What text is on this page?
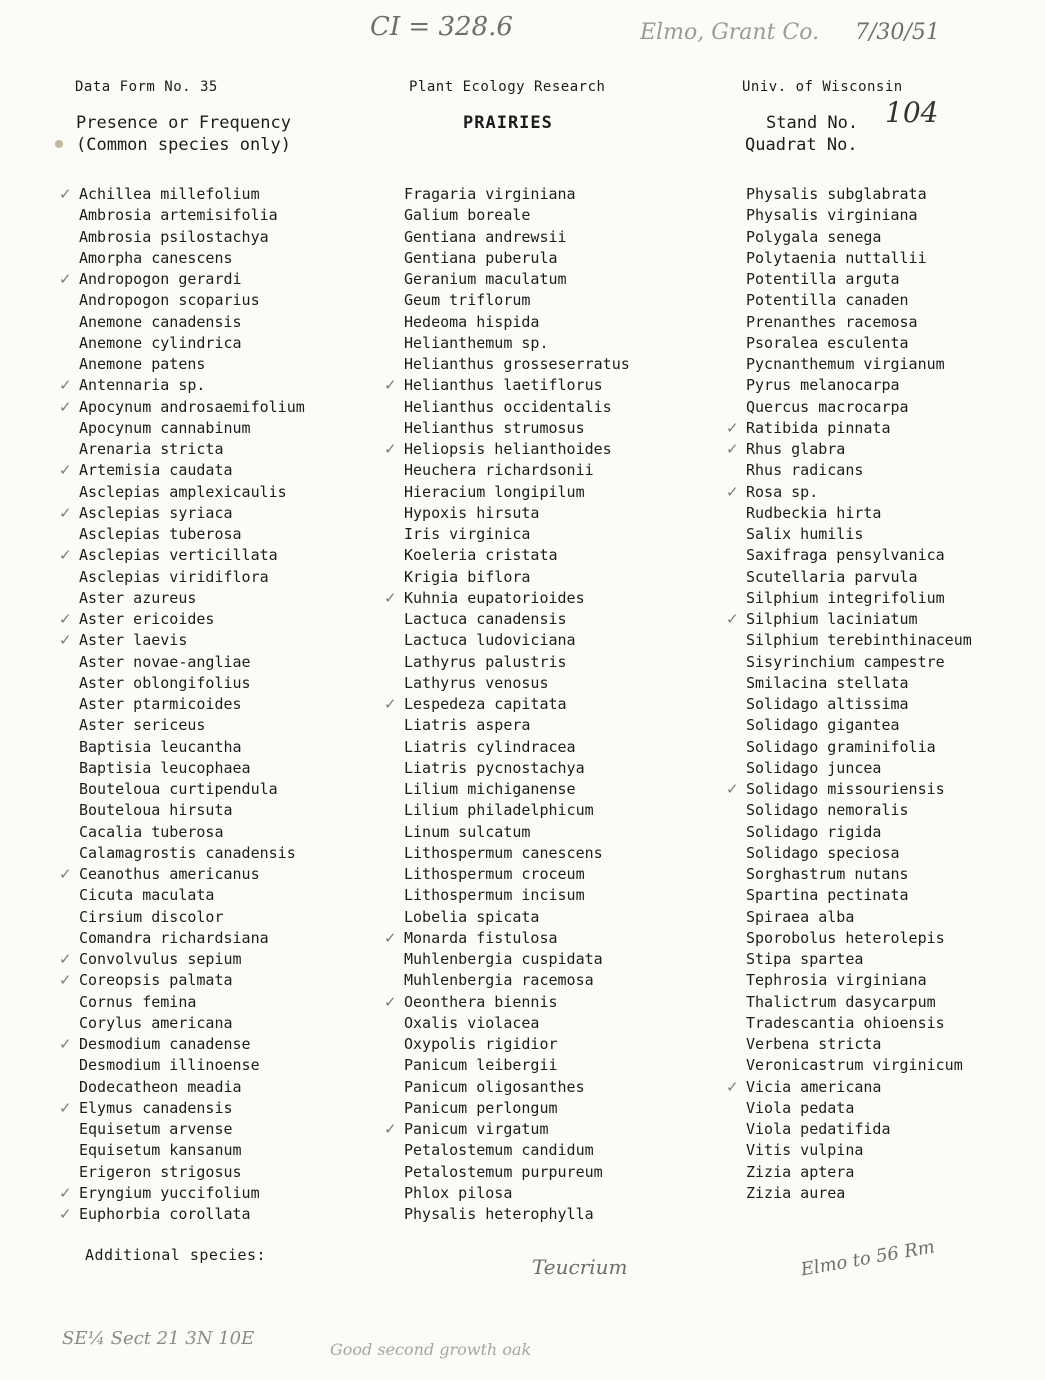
CI = 328.6	Elmo, Grant Co. 7/30/51
104
Teucrium	Elmo to 56 Rm
SE¼ Sect 21 3N 10E
Good second growth oak
Data Form No. 35	Plant Ecology Research	Univ. of Wisconsin
Presence or Frequency
(Common species only)
PRAIRIES	Stand No.
Quadrat No.
✓ Achillea millefolium
Ambrosia artemisifolia
Ambrosia psilostachya
Amorpha canescens
✓ Andropogon gerardi
Andropogon scoparius
Anemone canadensis
Anemone cylindrica
Anemone patens
✓ Antennaria sp.
✓ Apocynum androsaemifolium
Apocynum cannabinum
Arenaria stricta
✓ Artemisia caudata
Asclepias amplexicaulis
✓ Asclepias syriaca
Asclepias tuberosa
✓ Asclepias verticillata
Asclepias viridiflora
Aster azureus
✓ Aster ericoides
✓ Aster laevis
Aster novae-angliae
Aster oblongifolius
Aster ptarmicoides
Aster sericeus
Baptisia leucantha
Baptisia leucophaea
Bouteloua curtipendula
Bouteloua hirsuta
Cacalia tuberosa
Calamagrostis canadensis
✓ Ceanothus americanus
Cicuta maculata
Cirsium discolor
Comandra richardsiana
✓ Convolvulus sepium
✓ Coreopsis palmata
Cornus femina
Corylus americana
✓ Desmodium canadense
Desmodium illinoense
Dodecatheon meadia
✓ Elymus canadensis
Equisetum arvense
Equisetum kansanum
Erigeron strigosus
✓ Eryngium yuccifolium
✓ Euphorbia corollata
Fragaria virginiana
Galium boreale
Gentiana andrewsii
Gentiana puberula
Geranium maculatum
Geum triflorum
Hedeoma hispida
Helianthemum sp.
Helianthus grosseserratus
✓ Helianthus laetiflorus
Helianthus occidentalis
Helianthus strumosus
✓ Heliopsis helianthoides
Heuchera richardsonii
Hieracium longipilum
Hypoxis hirsuta
Iris virginica
Koeleria cristata
Krigia biflora
✓ Kuhnia eupatorioides
Lactuca canadensis
Lactuca ludoviciana
Lathyrus palustris
Lathyrus venosus
✓ Lespedeza capitata
Liatris aspera
Liatris cylindracea
Liatris pycnostachya
Lilium michiganense
Lilium philadelphicum
Linum sulcatum
Lithospermum canescens
Lithospermum croceum
Lithospermum incisum
Lobelia spicata
✓ Monarda fistulosa
Muhlenbergia cuspidata
Muhlenbergia racemosa
✓ Oeonthera biennis
Oxalis violacea
Oxypolis rigidior
Panicum leibergii
Panicum oligosanthes
Panicum perlongum
✓ Panicum virgatum
Petalostemum candidum
Petalostemum purpureum
Phlox pilosa
Physalis heterophylla
Physalis subglabrata
Physalis virginiana
Polygala senega
Polytaenia nuttallii
Potentilla arguta
Potentilla canaden
Prenanthes racemosa
Psoralea esculenta
Pycnanthemum virgianum
Pyrus melanocarpa
Quercus macrocarpa
✓ Ratibida pinnata
✓ Rhus glabra
Rhus radicans
✓ Rosa sp.
Rudbeckia hirta
Salix humilis
Saxifraga pensylvanica
Scutellaria parvula
Silphium integrifolium
✓ Silphium laciniatum
Silphium terebinthinaceum
Sisyrinchium campestre
Smilacina stellata
Solidago altissima
Solidago gigantea
Solidago graminifolia
Solidago juncea
✓ Solidago missouriensis
Solidago nemoralis
Solidago rigida
Solidago speciosa
Sorghastrum nutans
Spartina pectinata
Spiraea alba
Sporobolus heterolepis
Stipa spartea
Tephrosia virginiana
Thalictrum dasycarpum
Tradescantia ohioensis
Verbena stricta
Veronicastrum virginicum
✓ Vicia americana
Viola pedata
Viola pedatifida
Vitis vulpina
Zizia aptera
Zizia aurea
Additional species:
